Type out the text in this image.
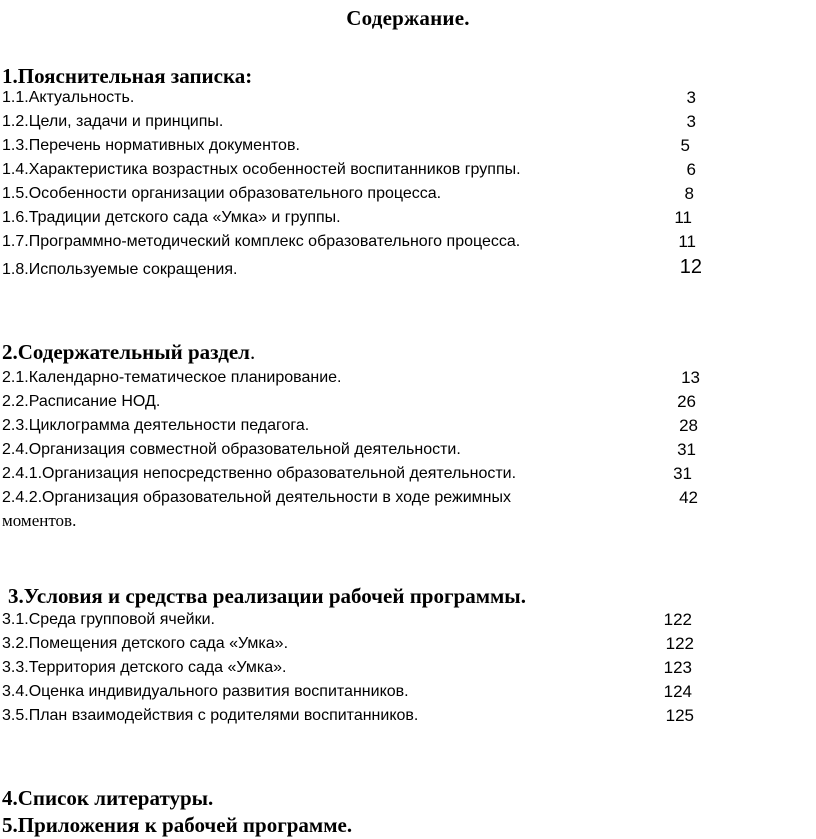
Содержание.
1.Пояснительная записка:
1.1.Актуальность.	3
1.2.Цели, задачи и принципы.	3
1.3.Перечень нормативных документов.	5
1.4.Характеристика возрастных особенностей воспитанников группы.	6
1.5.Особенности организации образовательного процесса.	8
1.6.Традиции детского сада «Умка» и группы.	11
1.7.Программно-методический комплекс образовательного процесса.	11
1.8.Используемые сокращения.	12
2.Содержательный раздел.
2.1.Календарно-тематическое планирование.	13
2.2.Расписание НОД.	26
2.3.Циклограмма деятельности педагога.	28
2.4.Организация совместной образовательной деятельности.	31
2.4.1.Организация непосредственно образовательной деятельности.	31
2.4.2.Организация образовательной деятельности в ходе режимных	42
моментов.
3.Условия и средства реализации рабочей программы.
3.1.Среда групповой ячейки.	122
3.2.Помещения детского сада «Умка».	122
3.3.Территория детского сада «Умка».	123
3.4.Оценка индивидуального развития воспитанников.	124
3.5.План взаимодействия с родителями воспитанников.	125
4.Список литературы.
5.Приложения к рабочей программе.
